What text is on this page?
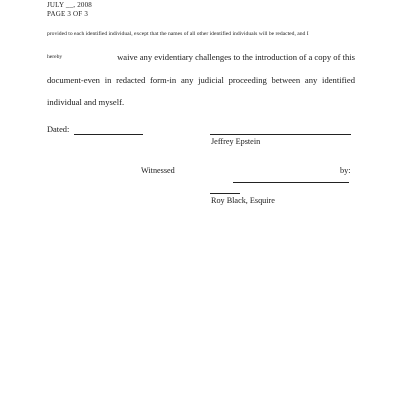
JULY __, 2008
PAGE 3 OF 3
provided to each identified individual, except that the names of all other identified individuals will be redacted, and I
hereby	waive any evidentiary challenges to the introduction of a copy of this
document-even in redacted form-in any judicial proceeding between any identified
individual and myself.
Dated:
Jeffrey Epstein
Witnessed	by:
Roy Black, Esquire
